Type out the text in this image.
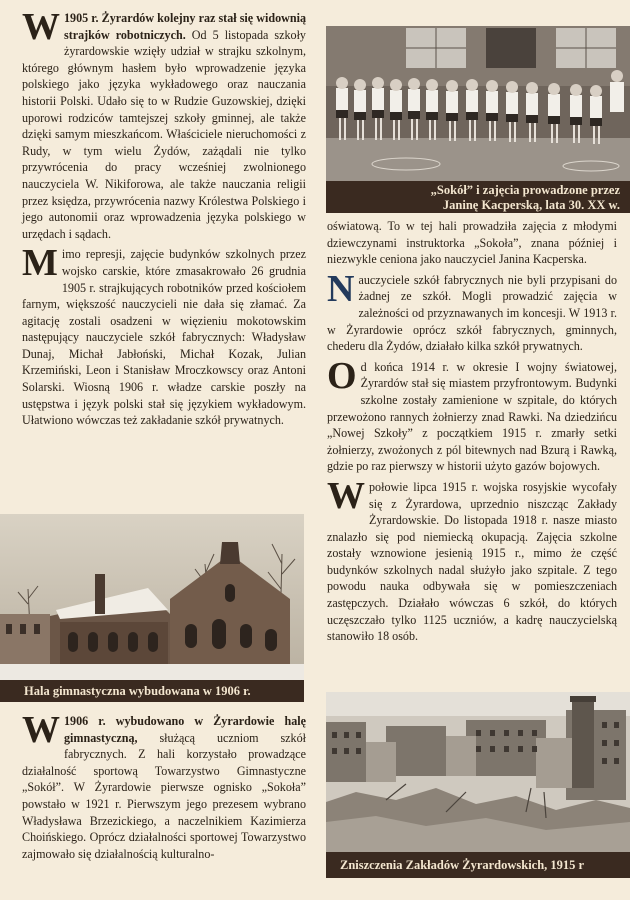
W 1905 r. Żyrardów kolejny raz stał się widownią strajków robotniczych. Od 5 listopada szkoły żyrardowskie wzięły udział w strajku szkolnym, którego głównym hasłem było wprowadzenie języka polskiego jako języka wykładowego oraz nauczania historii Polski. Udało się to w Rudzie Guzowskiej, dzięki uporowi rodziców tamtejszej szkoły gminnej, ale także dzięki samym mieszkańcom. Właściciele nieruchomości z Rudy, w tym wielu Żydów, zażądali nie tylko przywrócenia do pracy wcześniej zwolnionego nauczyciela W. Nikiforowa, ale także nauczania religii przez księdza, przywrócenia nazwy Królestwa Polskiego i jego autonomii oraz wprowadzenia języka polskiego w urzędach i sądach.

Mimo represji, zajęcie budynków szkolnych przez wojsko carskie, które zmasakrowało 26 grudnia 1905 r. strajkujących robotników przed kościołem farnym, większość nauczycieli nie dała się złamać. Za agitację zostali osadzeni w więzieniu mokotowskim następujący nauczyciele szkół fabrycznych: Władysław Dunaj, Michał Jabłoński, Michał Kozak, Julian Krzemiński, Leon i Stanisław Mroczkowscy oraz Antoni Solarski. Wiosną 1906 r. władze carskie poszły na ustępstwa i język polski stał się językiem wykładowym. Ułatwiono wówczas też zakładanie szkół prywatnych.

Hala gimnastyczna wybudowana w 1906 r.

W 1906 r. wybudowano w Żyrardowie halę gimnastyczną, służącą uczniom szkół fabrycznych. Z hali korzystało prowadzące działalność sportową Towarzystwo Gimnastyczne „Sokół”. W Żyrardowie pierwsze ognisko „Sokoła” powstało w 1921 r. Pierwszym jego prezesem wybrano Władysława Brzezickiego, a naczelnikiem Kazimierza Choińskiego. Oprócz działalności sportowej Towarzystwo zajmowało się działalnością kulturalno-

„Sokół” i zajęcia prowadzone przez
Janinę Kacperską, lata 30. XX w.

oświatową. To w tej hali prowadziła zajęcia z młodymi dziewczynami instruktorka „Sokoła”, znana później i niezwykle ceniona jako nauczyciel Janina Kacperska.

Nauczyciele szkół fabrycznych nie byli przypisani do żadnej ze szkół. Mogli prowadzić zajęcia w zależności od przyznawanych im koncesji. W 1913 r. w Żyrardowie oprócz szkół fabrycznych, gminnych, chederu dla Żydów, działało kilka szkół prywatnych.

Od końca 1914 r. w okresie I wojny światowej, Żyrardów stał się miastem przyfrontowym. Budynki szkolne zostały zamienione w szpitale, do których przewożono rannych żołnierzy znad Rawki. Na dziedzińcu „Nowej Szkoły” z początkiem 1915 r. zmarły setki żołnierzy, zwożonych z pól bitewnych nad Bzurą i Rawką, gdzie po raz pierwszy w historii użyto gazów bojowych.

W połowie lipca 1915 r. wojska rosyjskie wycofały się z Żyrardowa, uprzednio niszcząc Zakłady Żyrardowskie. Do listopada 1918 r. nasze miasto znalazło się pod niemiecką okupacją. Zajęcia szkolne zostały wznowione jesienią 1915 r., mimo że część budynków szkolnych nadal służyło jako szpitale. Z tego powodu nauka odbywała się w pomieszczeniach zastępczych. Działało wówczas 6 szkół, do których uczęszczało tylko 1125 uczniów, a kadrę nauczycielską stanowiło 18 osób.

Zniszczenia Zakładów Żyrardowskich, 1915 r
